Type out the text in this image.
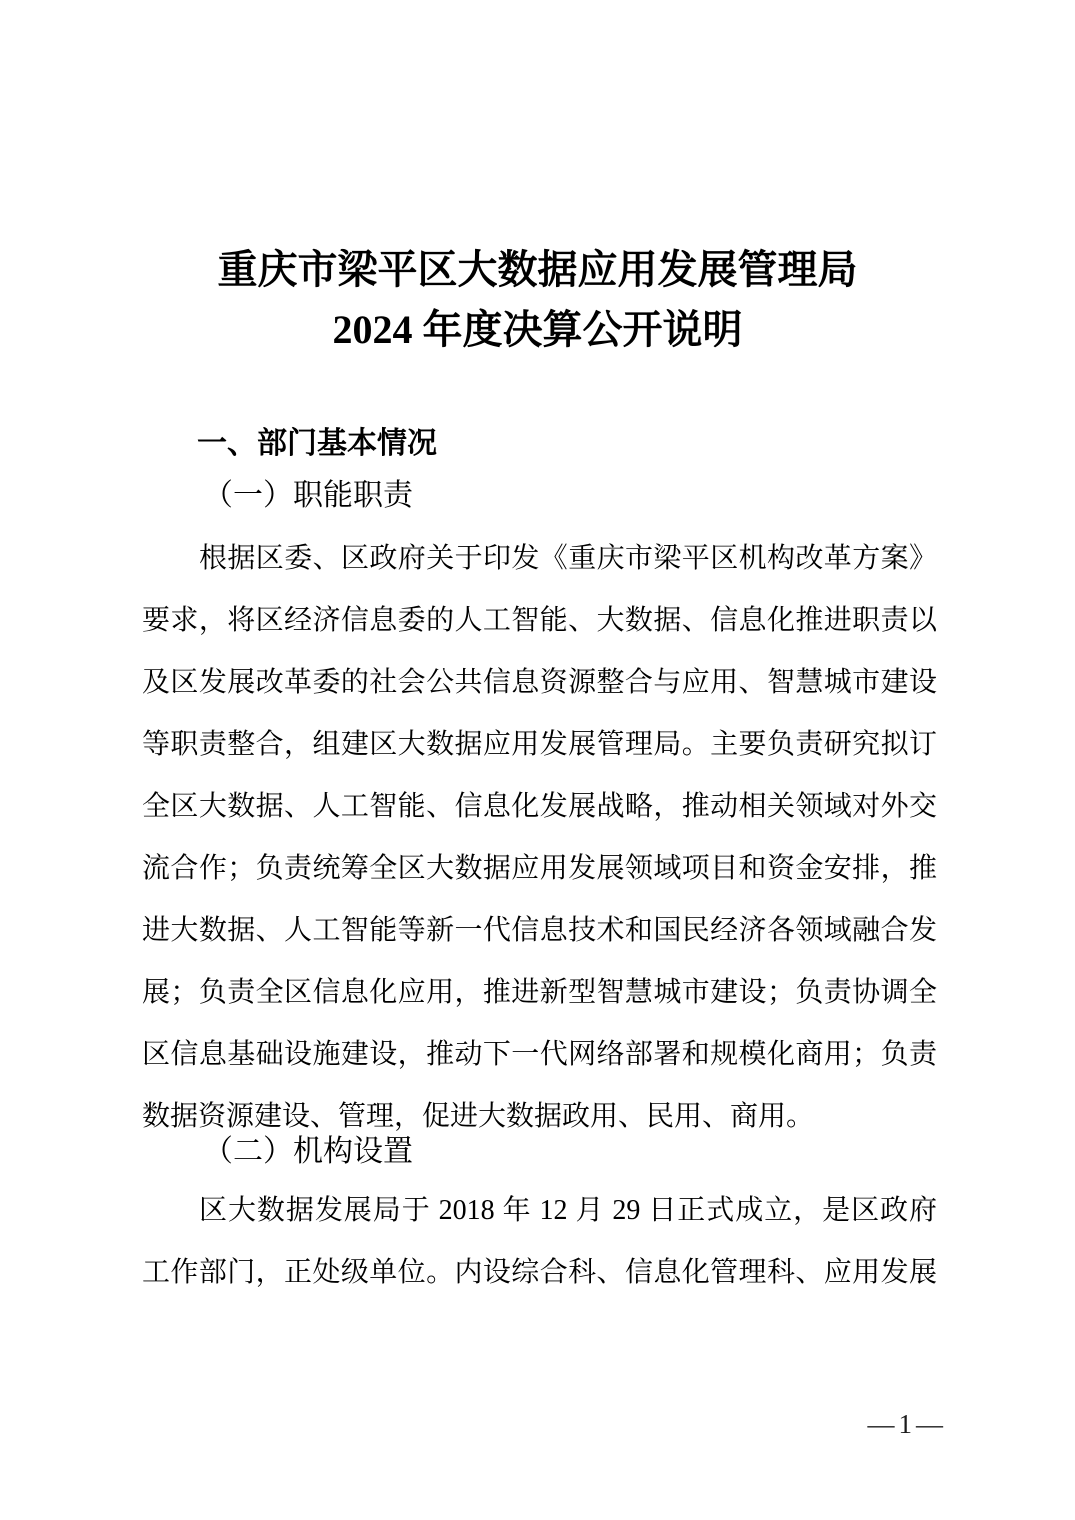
重庆市梁平区大数据应用发展管理局
2024 年度决算公开说明
一、部门基本情况
（一）职能职责
根据区委、区政府关于印发《重庆市梁平区机构改革方案》
要求，将区经济信息委的人工智能、大数据、信息化推进职责以
及区发展改革委的社会公共信息资源整合与应用、智慧城市建设
等职责整合，组建区大数据应用发展管理局。主要负责研究拟订
全区大数据、人工智能、信息化发展战略，推动相关领域对外交
流合作；负责统筹全区大数据应用发展领域项目和资金安排，推
进大数据、人工智能等新一代信息技术和国民经济各领域融合发
展；负责全区信息化应用，推进新型智慧城市建设；负责协调全
区信息基础设施建设，推动下一代网络部署和规模化商用；负责
数据资源建设、管理，促进大数据政用、民用、商用。
（二）机构设置
区大数据发展局于 2018 年 12 月 29 日正式成立，是区政府
工作部门，正处级单位。内设综合科、信息化管理科、应用发展
—1—
